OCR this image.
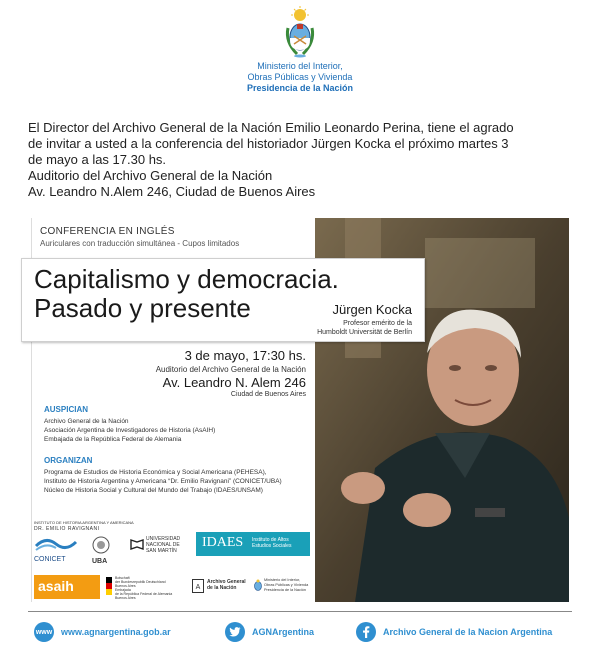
Ministerio del Interior,
Obras Públicas y Vivienda
Presidencia de la Nación
El Director del Archivo General de la Nación Emilio Leonardo Perina, tiene el agrado
de invitar a usted a la conferencia del historiador Jürgen Kocka el próximo martes 3
de mayo a las 17.30 hs.
Auditorio del Archivo General de la Nación
Av. Leandro N.Alem 246, Ciudad de Buenos Aires
CONFERENCIA EN INGLÉS
Auriculares con traducción simultánea - Cupos limitados
Capitalismo y democracia.
Pasado y presente	Jürgen Kocka
Profesor emérito de la
Humboldt Universität de Berlín
3 de mayo, 17:30 hs.
Auditorio del Archivo General de la Nación
Av. Leandro N. Alem 246
Ciudad de Buenos Aires
AUSPICIAN
Archivo General de la Nación
Asociación Argentina de Investigadores de Historia (AsAIH)
Embajada de la República Federal de Alemania
ORGANIZAN
Programa de Estudios de Historia Económica y Social Americana (PEHESA),
Instituto de Historia Argentina y Americana “Dr. Emilio Ravignani” (CONICET/UBA)
Núcleo de Historia Social y Cultural del Mundo del Trabajo (IDAES/UNSAM)
INSTITUTO DE HISTORIA ARGENTINA Y AMERICANA
DR. EMILIO RAVIGNANI
CONICET	UBA
UNIVERSIDAD
NACIONAL DE
SAN MARTÍN
IDAES Instituto de Altos
Estudios Sociales
asaih	Botschaft
der Bundesrepublik Deutschland
Buenos Aires
Embajada
de la República Federal de Alemania
Buenos Aires
A
Archivo General
de la Nación
Ministerio del Interior,
Obras Públicas y Vivienda
Presidencia de la Nación
www www.agnargentina.gob.ar	AGNArgentina	Archivo General de la Nacion Argentina
